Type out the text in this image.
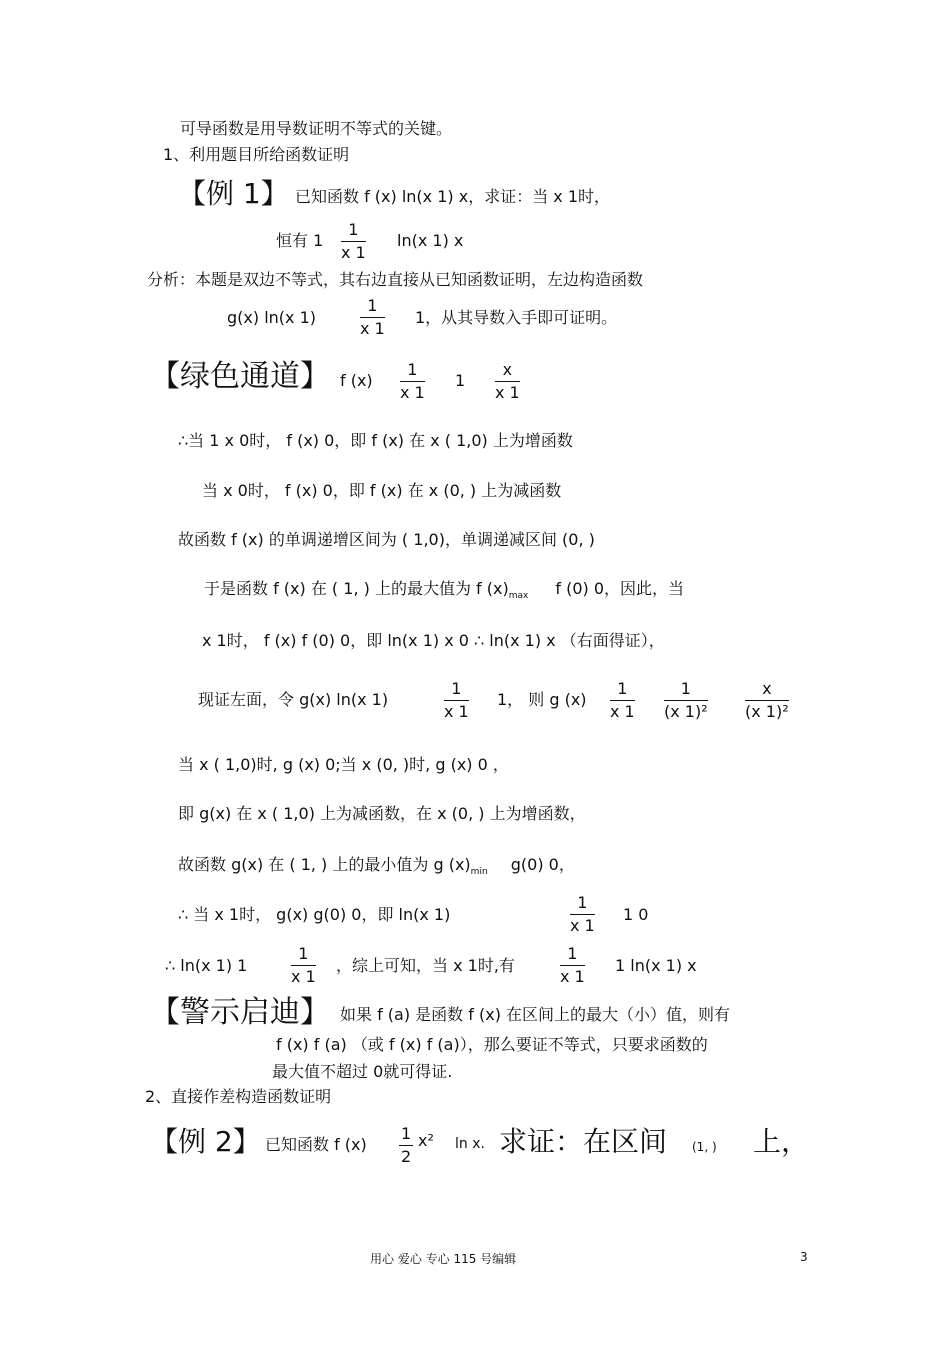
可导函数是用导数证明不等式的关键。
1、利用题目所给函数证明
【例 1】 已知函数 f (x) ln(x 1) x，求证：当 x 1时，
恒有 $1 \frac{1}{x 1} \ln(x$ 1) x
分析：本题是双边不等式，其右边直接从已知函数证明，左边构造函数
g(x) ln(x 1)	$\frac{1}{x 1} 1$，从其导数入手即可证明。
【绿色通道】 f $(x) \frac{1}{x 1} 1 \frac{x}{x 1}$
∴当 1 x 0时， f (x) 0，即 f (x) 在 x ( 1,0) 上为增函数
当 x 0时， f (x) 0，即 f (x) 在 x (0, ) 上为减函数
故函数 f (x) 的单调递增区间为 ( 1,0)，单调递减区间 (0, )
于是函数 f (x) 在 ( 1, ) 上的最大值为 f $(x)_{max}$ f (0) 0，因此，当
x 1时， f (x) f (0) 0，即 ln(x 1) x 0 ∴ ln(x 1) x （右面得证），
现证左面，令 g(x) ln(x 1)	$\frac{1}{x 1} 1$， 则 g $(x) \frac{1}{x 1} \frac{1}{\text{(x 1)²}} \frac{x}{\text{(x 1)²}}$
当 x ( 1,0)时, g (x) 0;当 x (0, )时, g (x) 0 ，
即 g(x) 在 x ( 1,0) 上为减函数，在 x (0, ) 上为增函数，
故函数 g(x) 在 ( 1, ) 上的最小值为 g $(x)_{min}$ g(0) 0，
∴ 当 x 1时， g(x) g(0) 0，即 ln(x 1)	$\frac{1}{x 1} 1$ 0
∴ ln(x 1) 1	$\frac{1}{x 1}$ ，综上可知，当 x 1时,有	$\frac{1}{x 1} 1$ ln(x 1) x
【警示启迪】 如果 f (a) 是函数 f (x) 在区间上的最大（小）值，则有
f (x) f (a) （或 f (x) f (a)），那么要证不等式，只要求函数的
最大值不超过 0就可得证.
2、直接作差构造函数证明
【例 2】 已知函数 f $(x) \frac{1}{2} x^2$ ln x. 求证：在区间 (1, ) 上，
用心 爱心 专心 115 号编辑	3
